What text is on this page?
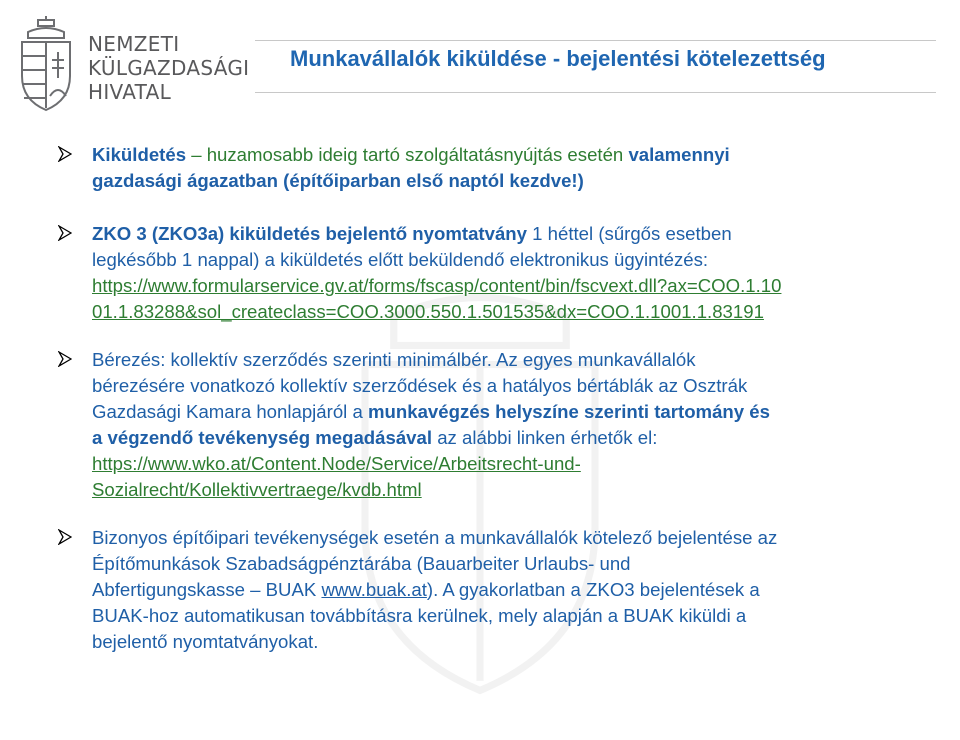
NEMZETI
KÜLGAZDASÁGI
HIVATAL
Munkavállalók kiküldése - bejelentési kötelezettség
Kiküldetés – huzamosabb ideig tartó szolgáltatásnyújtás esetén valamennyi
gazdasági ágazatban (építőiparban első naptól kezdve!)
ZKO 3 (ZKO3a) kiküldetés bejelentő nyomtatvány 1 héttel (sűrgős esetben
legkésőbb 1 nappal) a kiküldetés előtt beküldendő elektronikus ügyintézés:
https://www.formularservice.gv.at/forms/fscasp/content/bin/fscvext.dll?ax=COO.1.10
01.1.83288&sol_createclass=COO.3000.550.1.501535&dx=COO.1.1001.1.83191
Bérezés: kollektív szerződés szerinti minimálbér. Az egyes munkavállalók
bérezésére vonatkozó kollektív szerződések és a hatályos bértáblák az Osztrák
Gazdasági Kamara honlapjáról a munkavégzés helyszíne szerinti tartomány és
a végzendő tevékenység megadásával az alábbi linken érhetők el:
https://www.wko.at/Content.Node/Service/Arbeitsrecht-und-
Sozialrecht/Kollektivvertraege/kvdb.html
Bizonyos építőipari tevékenységek esetén a munkavállalók kötelező bejelentése az
Építőmunkások Szabadságpénztárába (Bauarbeiter Urlaubs- und
Abfertigungskasse – BUAK www.buak.at). A gyakorlatban a ZKO3 bejelentések a
BUAK-hoz automatikusan továbbításra kerülnek, mely alapján a BUAK kiküldi a
bejelentő nyomtatványokat.
